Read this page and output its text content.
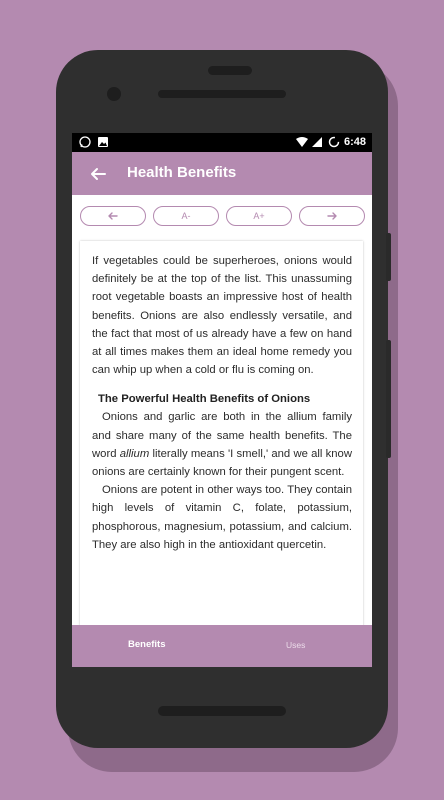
6:48
Health Benefits
A-	A+

If vegetables could be superheroes, onions would definitely be at the top of the list. This unassuming root vegetable boasts an impressive host of health benefits. Onions are also endlessly versatile, and the fact that most of us already have a few on hand at all times makes them an ideal home remedy you can whip up when a cold or flu is coming on.

The Powerful Health Benefits of Onions

Onions and garlic are both in the allium family and share many of the same health benefits. The word allium literally means 'I smell,' and we all know onions are certainly known for their pungent scent.

Onions are potent in other ways too. They contain high levels of vitamin C, folate, potassium, phosphorous, magnesium, potassium, and calcium. They are also high in the antioxidant quercetin.

Benefits	Uses
